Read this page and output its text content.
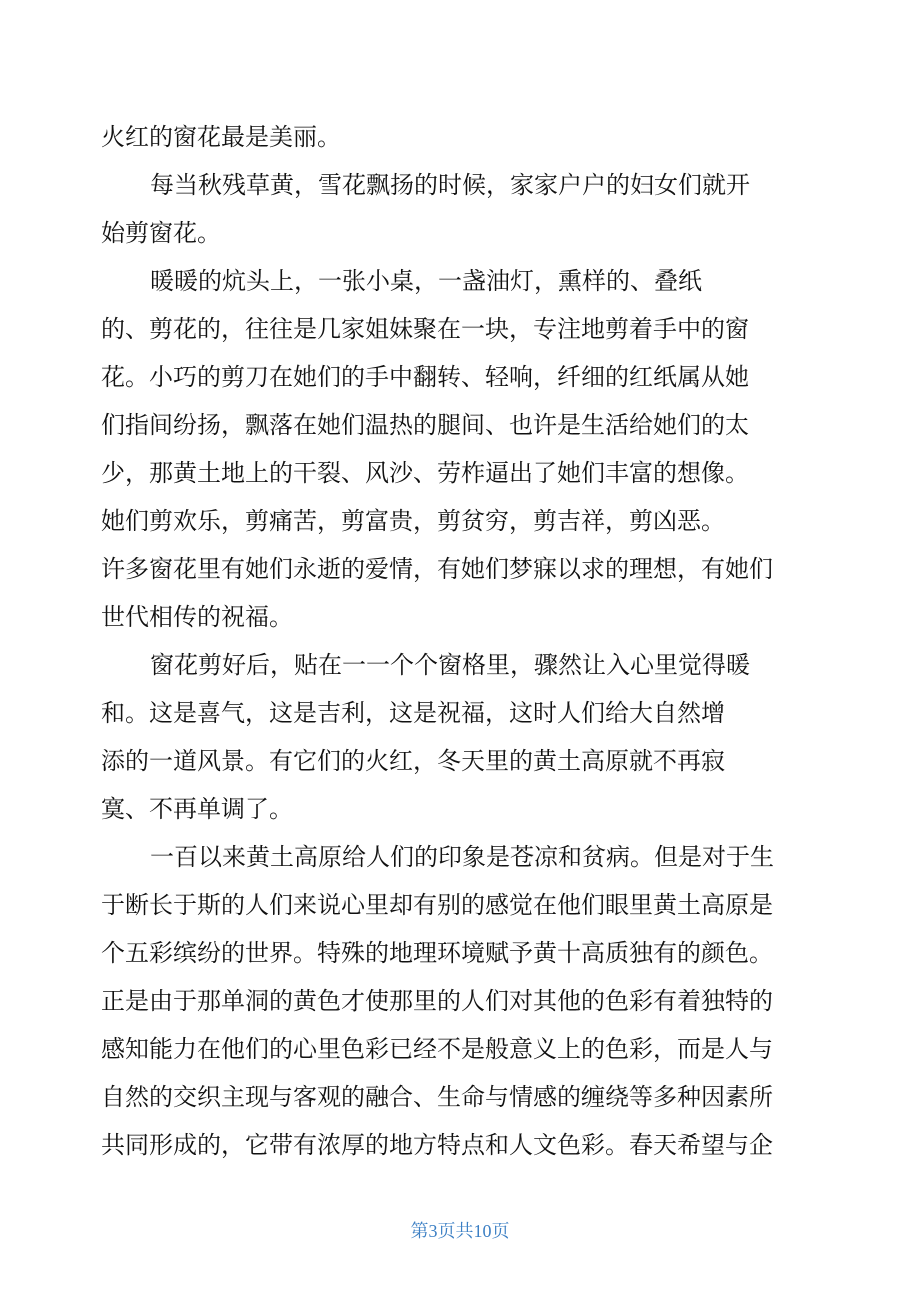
火红的窗花最是美丽。
每当秋残草黄，雪花飘扬的时候，家家户户的妇女们就开
始剪窗花。
暖暖的炕头上，一张小桌，一盏油灯，熏样的、叠纸
的、剪花的，往往是几家姐妹聚在一块，专注地剪着手中的窗
花。小巧的剪刀在她们的手中翻转、轻响，纤细的红纸属从她
们指间纷扬，飘落在她们温热的腿间、也许是生活给她们的太
少，那黄土地上的干裂、风沙、劳柞逼出了她们丰富的想像。
她们剪欢乐，剪痛苦，剪富贵，剪贫穷，剪吉祥，剪凶恶。
许多窗花里有她们永逝的爱情，有她们梦寐以求的理想，有她们
世代相传的祝福。
窗花剪好后，贴在一一个个窗格里，骤然让入心里觉得暖
和。这是喜气，这是吉利，这是祝福，这时人们给大自然增
添的一道风景。有它们的火红，冬天里的黄土高原就不再寂
寞、不再单调了。
一百以来黄土高原给人们的印象是苍凉和贫病。但是对于生
于断长于斯的人们来说心里却有别的感觉在他们眼里黄土高原是
个五彩缤纷的世界。特殊的地理环境赋予黄十高质独有的颜色。
正是由于那单洞的黄色才使那里的人们对其他的色彩有着独特的
感知能力在他们的心里色彩已经不是般意义上的色彩，而是人与
自然的交织主现与客观的融合、生命与情感的缠绕等多种因素所
共同形成的，它带有浓厚的地方特点和人文色彩。春天希望与企
第3页共10页
